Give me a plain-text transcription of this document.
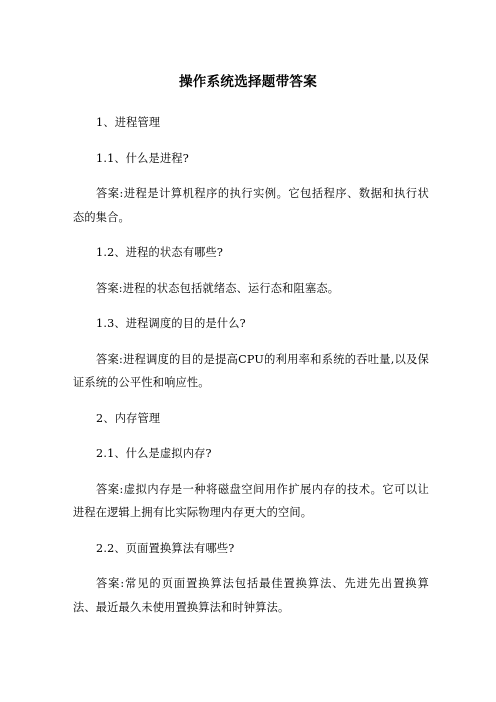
操作系统选择题带答案

1、进程管理

1.1、什么是进程?

答案:进程是计算机程序的执行实例。它包括程序、数据和执行状态的集合。

1.2、进程的状态有哪些?

答案:进程的状态包括就绪态、运行态和阻塞态。

1.3、进程调度的目的是什么?

答案:进程调度的目的是提高CPU的利用率和系统的吞吐量,以及保证系统的公平性和响应性。

2、内存管理

2.1、什么是虚拟内存?

答案:虚拟内存是一种将磁盘空间用作扩展内存的技术。它可以让进程在逻辑上拥有比实际物理内存更大的空间。

2.2、页面置换算法有哪些?

答案:常见的页面置换算法包括最佳置换算法、先进先出置换算法、最近最久未使用置换算法和时钟算法。
